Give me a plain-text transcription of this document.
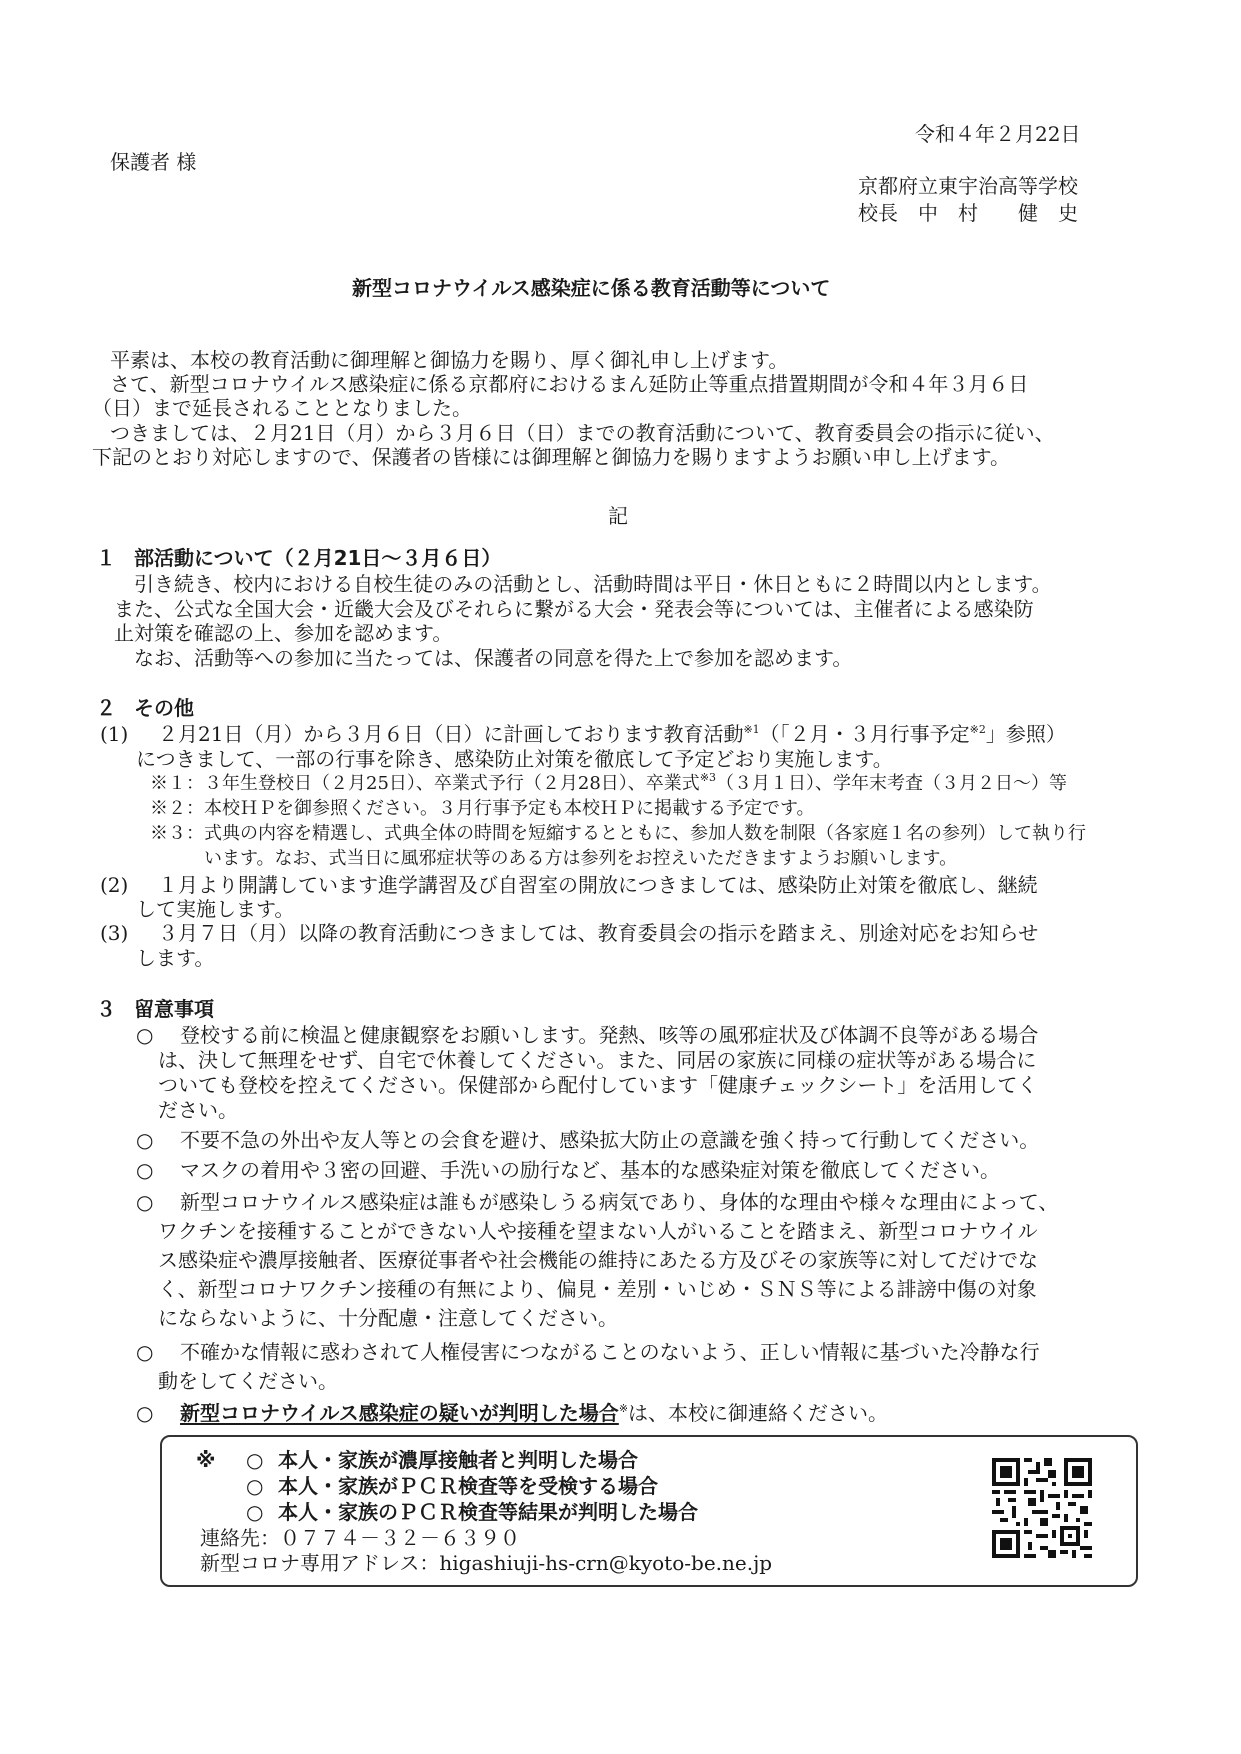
令和４年２月22日
保護者 様
京都府立東宇治高等学校
校長　中　村　　健　史
新型コロナウイルス感染症に係る教育活動等について
平素は、本校の教育活動に御理解と御協力を賜り、厚く御礼申し上げます。
さて、新型コロナウイルス感染症に係る京都府におけるまん延防止等重点措置期間が令和４年３月６日
（日）まで延長されることとなりました。
つきましては、２月21日（月）から３月６日（日）までの教育活動について、教育委員会の指示に従い、
下記のとおり対応しますので、保護者の皆様には御理解と御協力を賜りますようお願い申し上げます。
記
１ 部活動について（２月21日～３月６日）
引き続き、校内における自校生徒のみの活動とし、活動時間は平日・休日ともに２時間以内とします。
また、公式な全国大会・近畿大会及びそれらに繋がる大会・発表会等については、主催者による感染防
止対策を確認の上、参加を認めます。
なお、活動等への参加に当たっては、保護者の同意を得た上で参加を認めます。
２ その他
(1) ２月21日（月）から３月６日（日）に計画しております教育活動$^{※1}$（「２月・３月行事予定$^{※2}$」参照）
につきまして、一部の行事を除き、感染防止対策を徹底して予定どおり実施します。
※１：３年生登校日（２月25日）、卒業式予行（２月28日）、卒業式$^{※3}$（３月１日）、学年末考査（３月２日～）等
※２：本校ＨＰを御参照ください。３月行事予定も本校ＨＰに掲載する予定です。
※３：式典の内容を精選し、式典全体の時間を短縮するとともに、参加人数を制限（各家庭１名の参列）して執り行
います。なお、式当日に風邪症状等のある方は参列をお控えいただきますようお願いします。
(2) １月より開講しています進学講習及び自習室の開放につきましては、感染防止対策を徹底し、継続
して実施します。
(3) ３月７日（月）以降の教育活動につきましては、教育委員会の指示を踏まえ、別途対応をお知らせ
します。
３ 留意事項
○ 登校する前に検温と健康観察をお願いします。発熱、咳等の風邪症状及び体調不良等がある場合
は、決して無理をせず、自宅で休養してください。また、同居の家族に同様の症状等がある場合に
ついても登校を控えてください。保健部から配付しています「健康チェックシート」を活用してく
ださい。
○ 不要不急の外出や友人等との会食を避け、感染拡大防止の意識を強く持って行動してください。
○ マスクの着用や３密の回避、手洗いの励行など、基本的な感染症対策を徹底してください。
○ 新型コロナウイルス感染症は誰もが感染しうる病気であり、身体的な理由や様々な理由によって、
ワクチンを接種することができない人や接種を望まない人がいることを踏まえ、新型コロナウイル
ス感染症や濃厚接触者、医療従事者や社会機能の維持にあたる方及びその家族等に対してだけでな
く、新型コロナワクチン接種の有無により、偏見・差別・いじめ・ＳＮＳ等による誹謗中傷の対象
にならないように、十分配慮・注意してください。
○ 不確かな情報に惑わされて人権侵害につながることのないよう、正しい情報に基づいた冷静な行
動をしてください。
○ 新型コロナウイルス感染症の疑いが判明した場合※は、本校に御連絡ください。
※ ○ 本人・家族が濃厚接触者と判明した場合
○ 本人・家族がＰＣＲ検査等を受検する場合
○ 本人・家族のＰＣＲ検査等結果が判明した場合
連絡先：０７７４－３２－６３９０
新型コロナ専用アドレス：higashiuji-hs-crn@kyoto-be.ne.jp
